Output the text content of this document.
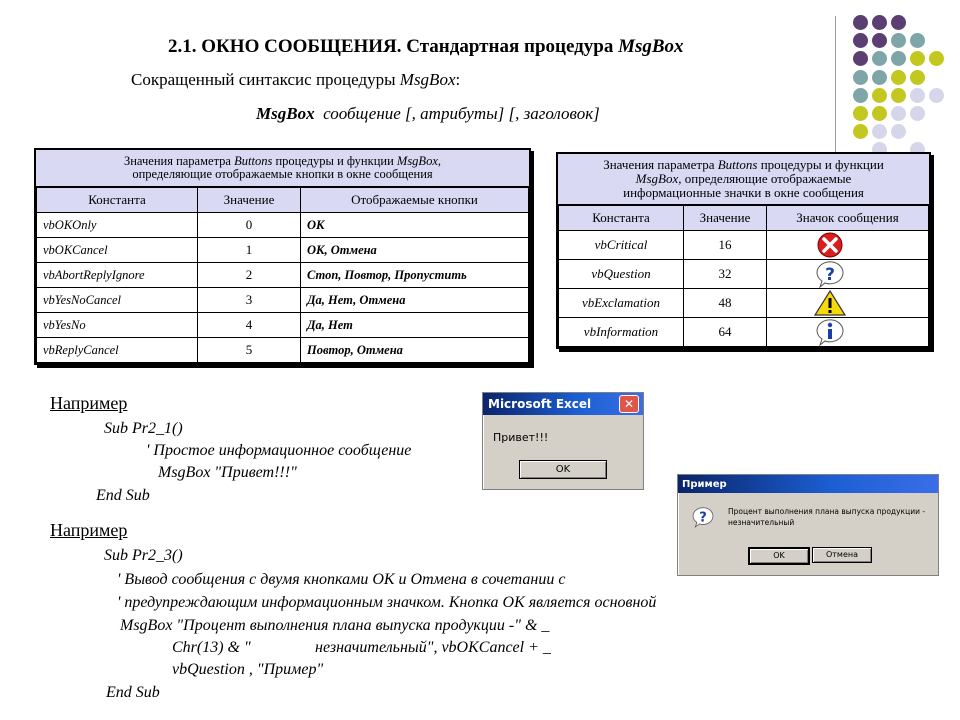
2.1. ОКНО СООБЩЕНИЯ. Стандартная процедура MsgBox
Сокращенный синтаксис процедуры MsgBox:
MsgBox  сообщение [, атрибуты] [, заголовок]
Значения параметра Buttons процедуры и функции MsgBox,
определяющие отображаемые кнопки в окне сообщения
Константа	Значение	Отображаемые кнопки
vbOKOnly	0	ОК
vbOKCancel	1	ОК, Отмена
vbAbortReplyIgnore	2	Стоп, Повтор, Пропустить
vbYesNoCancel	3	Да, Нет, Отмена
vbYesNo	4	Да, Нет
vbReplyCancel	5	Повтор, Отмена
Значения параметра Buttons процедуры и функции
MsgBox, определяющие отображаемые
информационные значки в окне сообщения
Константа	Значение	Значок сообщения
vbCritical	16	

vbQuestion	32	?

vbExclamation	48	

vbInformation	64	
Например
Sub Pr2_1()
' Простое информационное сообщение
MsgBox "Привет!!!"
End Sub
Microsoft Excel	✕
Привет!!!
OK
Например
Sub Pr2_3()
' Вывод сообщения с двумя кнопками ОК и Отмена в сочетании с
' предупреждающим информационным значком. Кнопка ОК является основной
MsgBox "Процент выполнения плана выпуска продукции -" & _
Chr(13) & "	незначительный", vbOKCancel + _
vbQuestion , "Пример"
End Sub
Пример
?	Процент выполнения плана выпуска продукции -
незначительный
OK	Отмена
